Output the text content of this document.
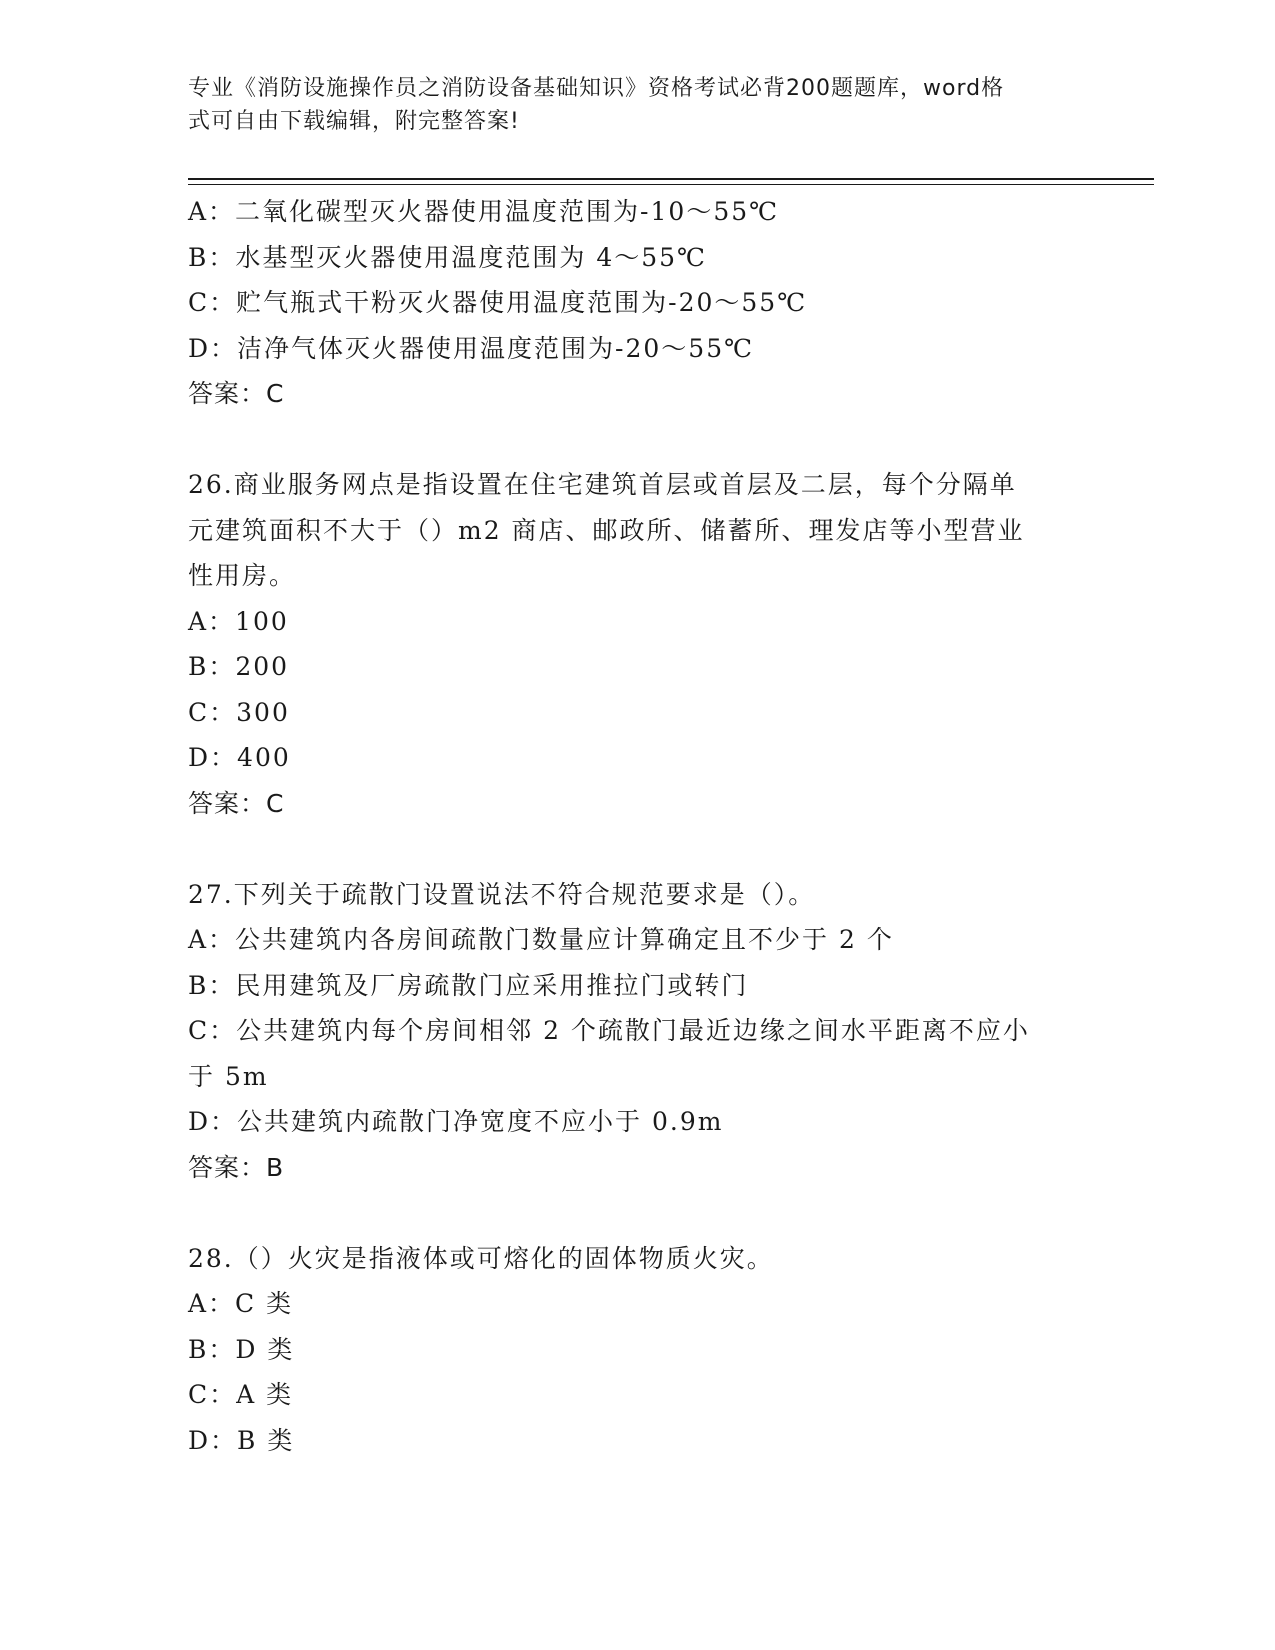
专业《消防设施操作员之消防设备基础知识》资格考试必背200题题库，word格
式可自由下载编辑，附完整答案!
A：二氧化碳型灭火器使用温度范围为-10～55℃
B：水基型灭火器使用温度范围为 4～55℃
C：贮气瓶式干粉灭火器使用温度范围为-20～55℃
D：洁净气体灭火器使用温度范围为-20～55℃
答案：C
26.商业服务网点是指设置在住宅建筑首层或首层及二层，每个分隔单
元建筑面积不大于（）m2 商店、邮政所、储蓄所、理发店等小型营业
性用房。
A：100
B：200
C：300
D：400
答案：C
27.下列关于疏散门设置说法不符合规范要求是（）。
A：公共建筑内各房间疏散门数量应计算确定且不少于 2 个
B：民用建筑及厂房疏散门应采用推拉门或转门
C：公共建筑内每个房间相邻 2 个疏散门最近边缘之间水平距离不应小
于 5m
D：公共建筑内疏散门净宽度不应小于 0.9m
答案：B
28.（）火灾是指液体或可熔化的固体物质火灾。
A：C 类
B：D 类
C：A 类
D：B 类
